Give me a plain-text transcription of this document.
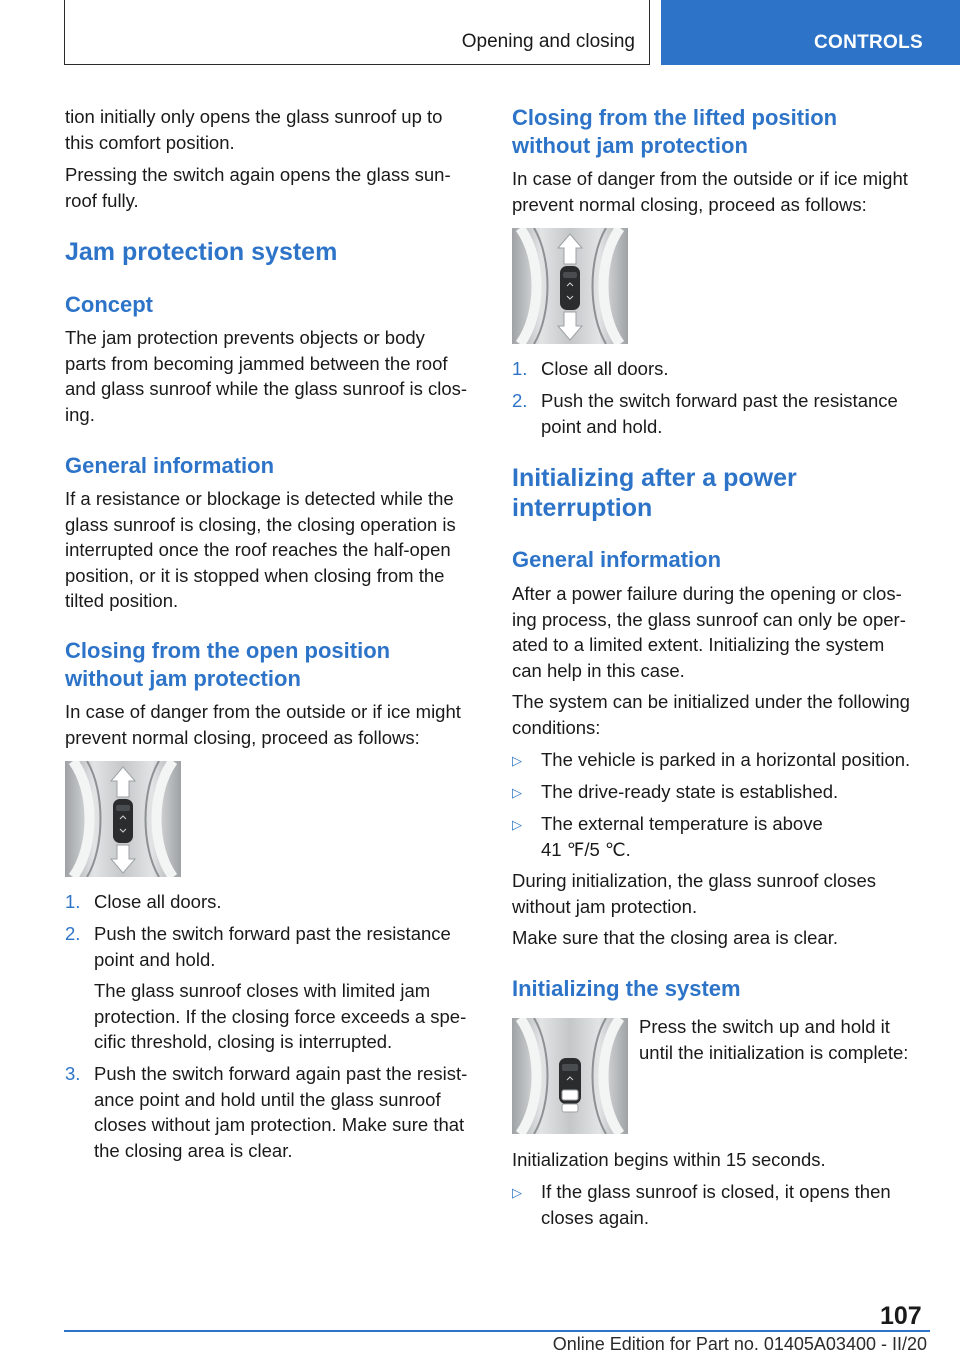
Opening and closing	CONTROLS

tion initially only opens the glass sunroof up to
this comfort position.

Pressing the switch again opens the glass sun-
roof fully.

Jam protection system
Concept

The jam protection prevents objects or body
parts from becoming jammed between the roof
and glass sunroof while the glass sunroof is clos-
ing.

General information

If a resistance or blockage is detected while the
glass sunroof is closing, the closing operation is
interrupted once the roof reaches the half-open
position, or it is stopped when closing from the
tilted position.

Closing from the open position
without jam protection

In case of danger from the outside or if ice might
prevent normal closing, proceed as follows:

1. Close all doors.
2. Push the switch forward past the resistance
point and hold.
The glass sunroof closes with limited jam
protection. If the closing force exceeds a spe-
cific threshold, closing is interrupted.
3. Push the switch forward again past the resist-
ance point and hold until the glass sunroof
closes without jam protection. Make sure that
the closing area is clear.
Closing from the lifted position
without jam protection

In case of danger from the outside or if ice might
prevent normal closing, proceed as follows:

1. Close all doors.
2. Push the switch forward past the resistance
point and hold.
Initializing after a power
interruption
General information

After a power failure during the opening or clos-
ing process, the glass sunroof can only be oper-
ated to a limited extent. Initializing the system
can help in this case.

The system can be initialized under the following
conditions:

▷ The vehicle is parked in a horizontal position.
▷ The drive-ready state is established.
▷ The external temperature is above
41 ℉/5 ℃.

During initialization, the glass sunroof closes
without jam protection.

Make sure that the closing area is clear.

Initializing the system

Press the switch up and hold it
until the initialization is complete:

Initialization begins within 15 seconds.

▷ If the glass sunroof is closed, it opens then
closes again.
107
Online Edition for Part no. 01405A03400 - II/20
